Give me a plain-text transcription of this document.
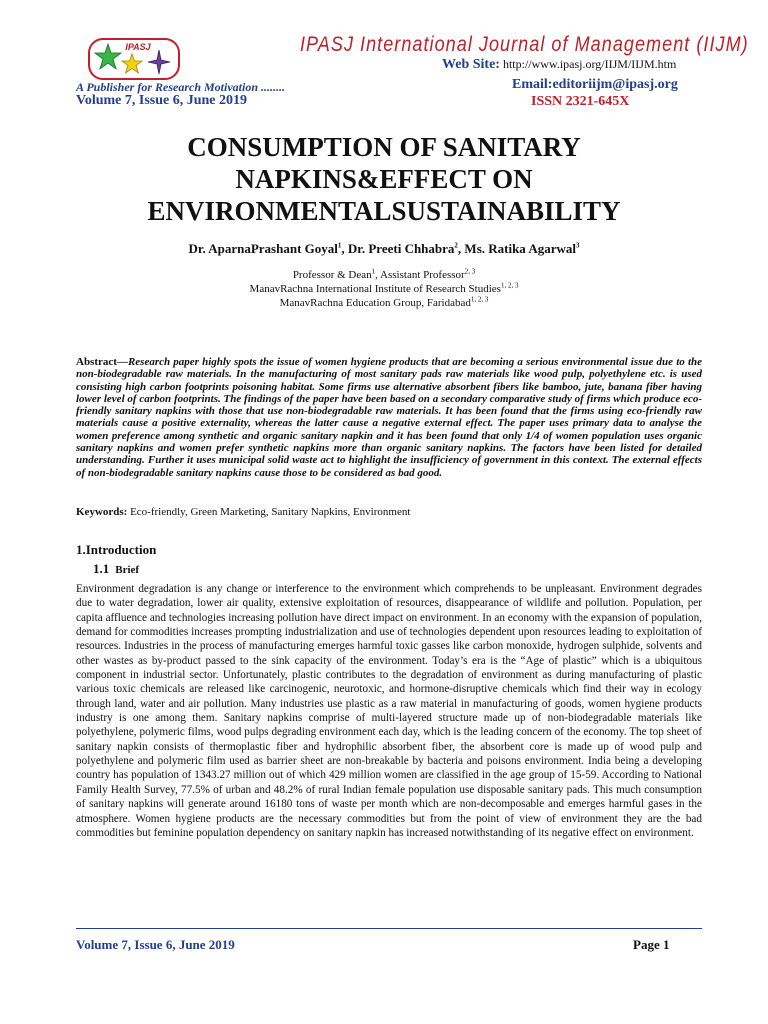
IPASJ International Journal of Management (IIJM)
IPASJ
A Publisher for Research Motivation ........
Volume 7, Issue 6, June 2019
Web Site: http://www.ipasj.org/IIJM/IIJM.htm
Email:editoriijm@ipasj.org
ISSN 2321-645X
CONSUMPTION OF SANITARY
NAPKINS&EFFECT ON
ENVIRONMENTALSUSTAINABILITY
Dr. AparnaPrashant Goyal$^1$, Dr. Preeti Chhabra$^2$, Ms. Ratika Agarwal$^3$
Professor & Dean$^1$, Assistant Professor$^{2, 3}$
ManavRachna International Institute of Research Studies$^{1, 2, 3}$
ManavRachna Education Group, Faridabad$^{1, 2, 3}$
Abstract—Research paper highly spots the issue of women hygiene products that are becoming a serious environmental issue due to the non-biodegradable raw materials. In the manufacturing of most sanitary pads raw materials like wood pulp, polyethylene etc. is used consisting high carbon footprints poisoning habitat. Some firms use alternative absorbent fibers like bamboo, jute, banana fiber having lower level of carbon footprints. The findings of the paper have been based on a secondary comparative study of firms which produce eco-friendly sanitary napkins with those that use non-biodegradable raw materials. It has been found that the firms using eco-friendly raw materials cause a positive externality, whereas the latter cause a negative external effect. The paper uses primary data to analyse the women preference among synthetic and organic sanitary napkin and it has been found that only 1/4 of women population uses organic sanitary napkins and women prefer synthetic napkins more than organic sanitary napkins. The factors have been listed for detailed understanding. Further it uses municipal solid waste act to highlight the insufficiency of government in this context. The external effects of non-biodegradable sanitary napkins cause those to be considered as bad good.
Keywords: Eco-friendly, Green Marketing, Sanitary Napkins, Environment
1.Introduction
1.1 Brief
Environment degradation is any change or interference to the environment which comprehends to be unpleasant. Environment degrades due to water degradation, lower air quality, extensive exploitation of resources, disappearance of wildlife and pollution. Population, per capita affluence and technologies increasing pollution have direct impact on environment. In an economy with the expansion of population, demand for commodities increases prompting industrialization and use of technologies dependent upon resources leading to exploitation of resources. Industries in the process of manufacturing emerges harmful toxic gasses like carbon monoxide, hydrogen sulphide, solvents and other wastes as by-product passed to the sink capacity of the environment. Today’s era is the “Age of plastic” which is a ubiquitous component in industrial sector. Unfortunately, plastic contributes to the degradation of environment as during manufacturing of plastic various toxic chemicals are released like carcinogenic, neurotoxic, and hormone-disruptive chemicals which find their way in ecology through land, water and air pollution. Many industries use plastic as a raw material in manufacturing of goods, women hygiene products industry is one among them. Sanitary napkins comprise of multi-layered structure made up of non-biodegradable materials like polyethylene, polymeric films, wood pulps degrading environment each day, which is the leading concern of the economy. The top sheet of sanitary napkin consists of thermoplastic fiber and hydrophilic absorbent fiber, the absorbent core is made up of wood pulp and polyethylene and polymeric film used as barrier sheet are non-breakable by bacteria and poisons environment. India being a developing country has population of 1343.27 million out of which 429 million women are classified in the age group of 15-59. According to National Family Health Survey, 77.5% of urban and 48.2% of rural Indian female population use disposable sanitary pads. This much consumption of sanitary napkins will generate around 16180 tons of waste per month which are non-decomposable and emerges harmful gases in the atmosphere. Women hygiene products are the necessary commodities but from the point of view of environment they are the bad commodities but feminine population dependency on sanitary napkin has increased notwithstanding of its negative effect on environment.
Volume 7, Issue 6, June 2019	Page 1
